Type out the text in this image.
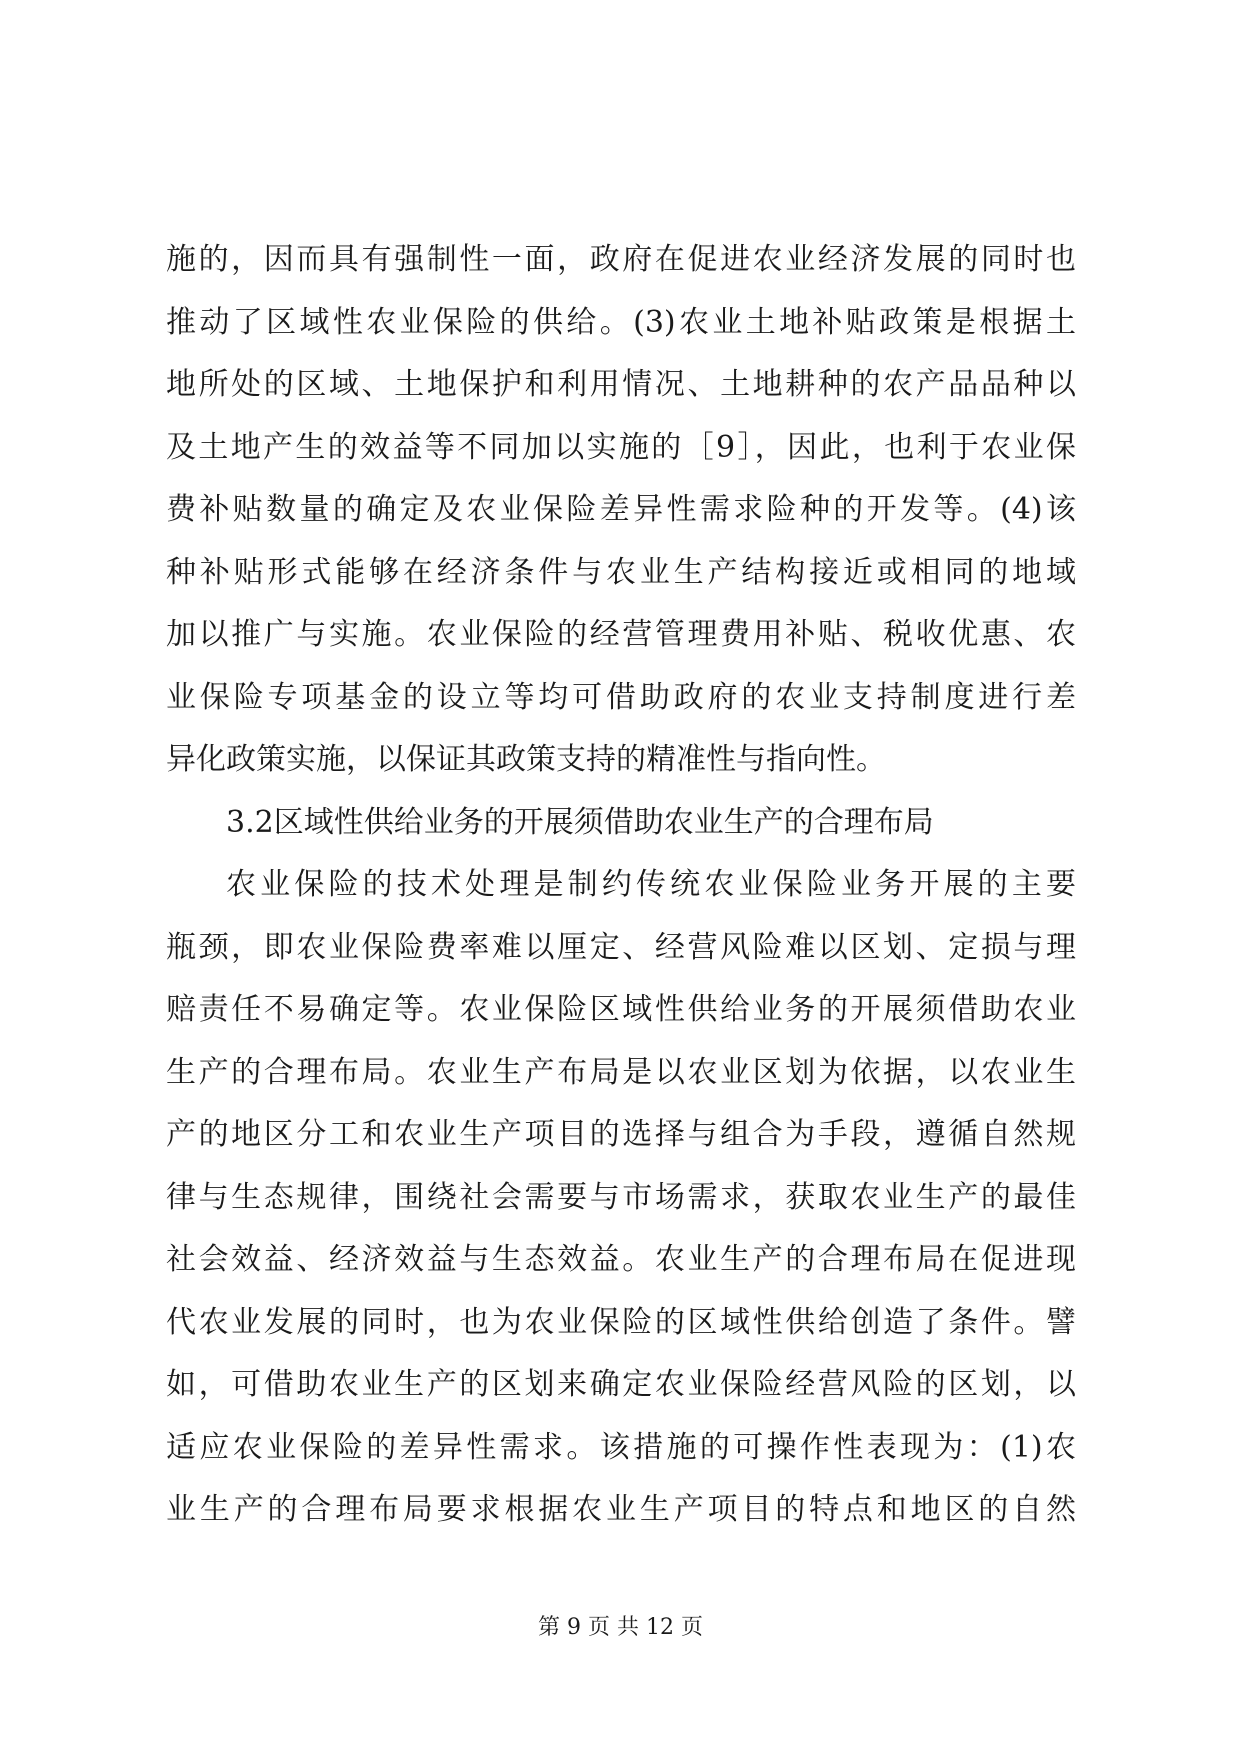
施的，因而具有强制性一面，政府在促进农业经济发展的同时也
推动了区域性农业保险的供给。(3)农业土地补贴政策是根据土
地所处的区域、土地保护和利用情况、土地耕种的农产品品种以
及土地产生的效益等不同加以实施的［9］，因此，也利于农业保
费补贴数量的确定及农业保险差异性需求险种的开发等。(4)该
种补贴形式能够在经济条件与农业生产结构接近或相同的地域
加以推广与实施。农业保险的经营管理费用补贴、税收优惠、农
业保险专项基金的设立等均可借助政府的农业支持制度进行差
异化政策实施，以保证其政策支持的精准性与指向性。
3.2区域性供给业务的开展须借助农业生产的合理布局
农业保险的技术处理是制约传统农业保险业务开展的主要
瓶颈，即农业保险费率难以厘定、经营风险难以区划、定损与理
赔责任不易确定等。农业保险区域性供给业务的开展须借助农业
生产的合理布局。农业生产布局是以农业区划为依据，以农业生
产的地区分工和农业生产项目的选择与组合为手段，遵循自然规
律与生态规律，围绕社会需要与市场需求，获取农业生产的最佳
社会效益、经济效益与生态效益。农业生产的合理布局在促进现
代农业发展的同时，也为农业保险的区域性供给创造了条件。譬
如，可借助农业生产的区划来确定农业保险经营风险的区划，以
适应农业保险的差异性需求。该措施的可操作性表现为：(1)农
业生产的合理布局要求根据农业生产项目的特点和地区的自然
第 9 页 共 12 页
